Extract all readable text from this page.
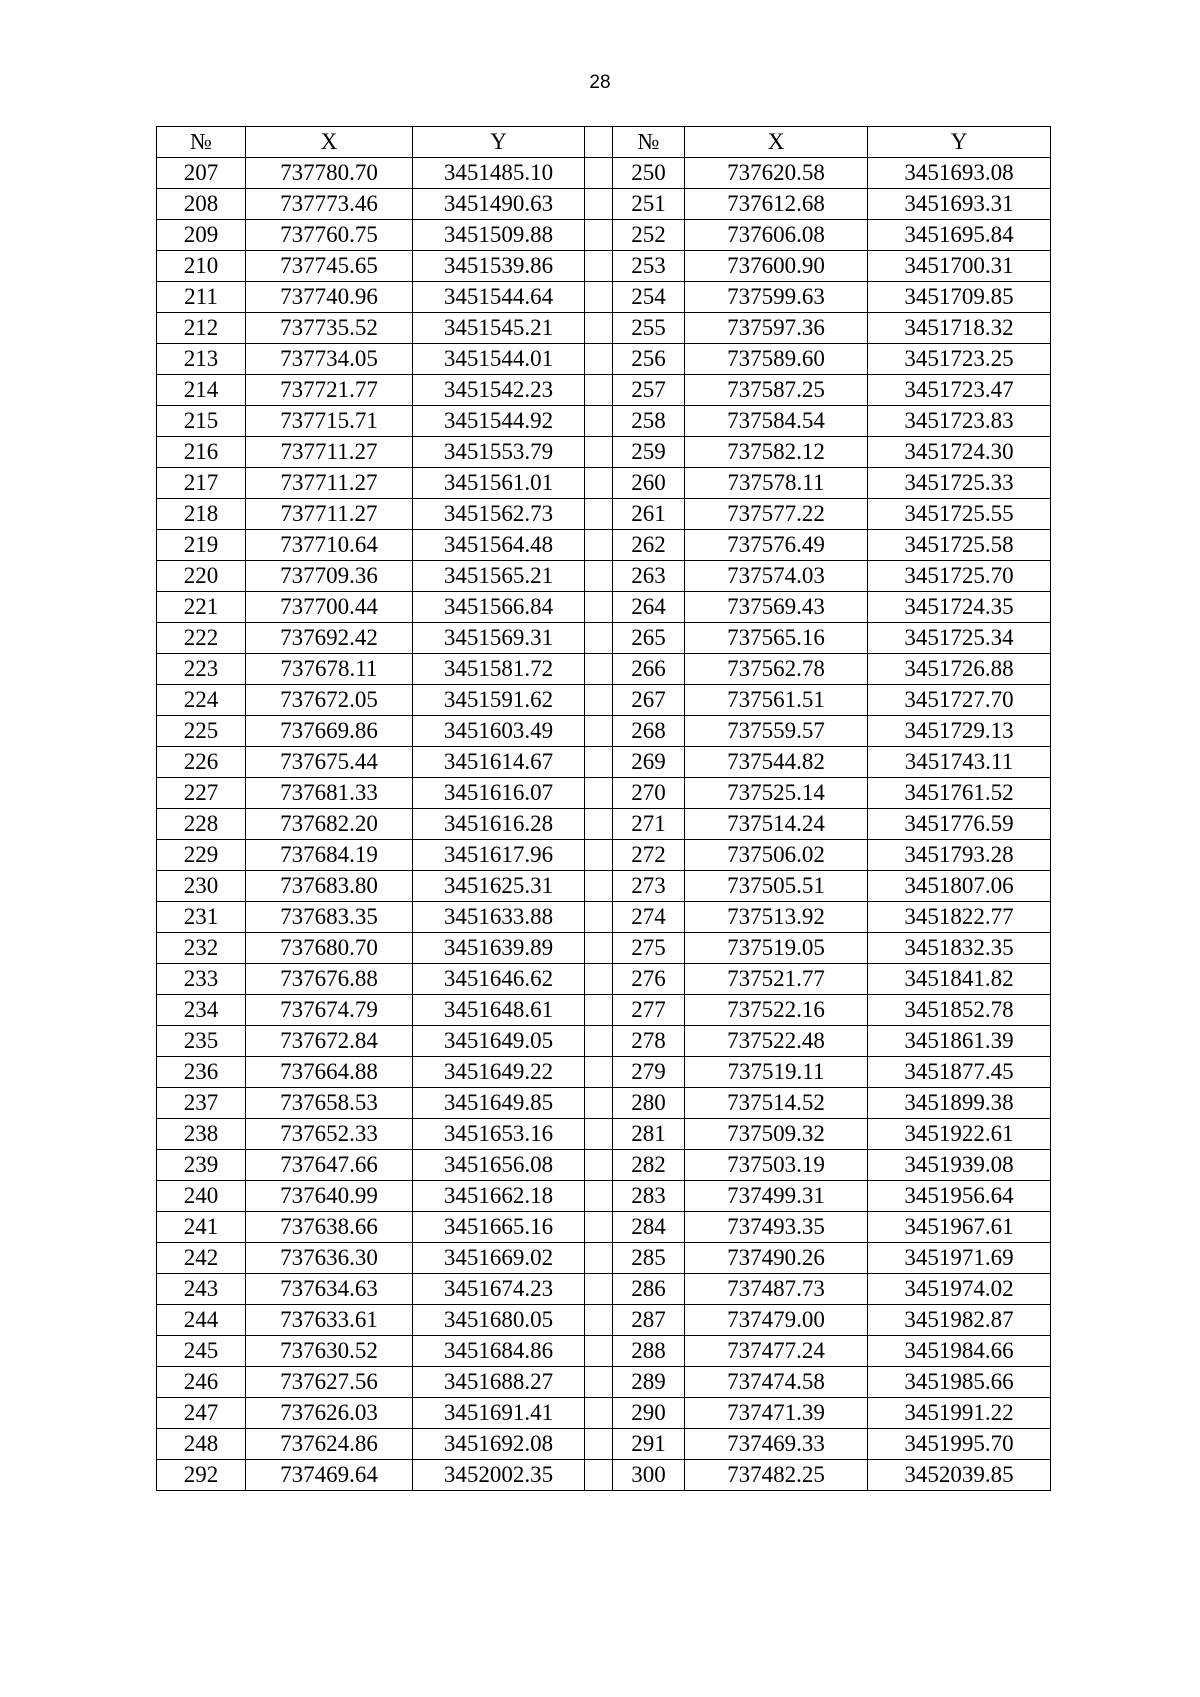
28
№	X	Y		№	X	Y
207	737780.70	3451485.10		250	737620.58	3451693.08
208	737773.46	3451490.63		251	737612.68	3451693.31
209	737760.75	3451509.88		252	737606.08	3451695.84
210	737745.65	3451539.86		253	737600.90	3451700.31
211	737740.96	3451544.64		254	737599.63	3451709.85
212	737735.52	3451545.21		255	737597.36	3451718.32
213	737734.05	3451544.01		256	737589.60	3451723.25
214	737721.77	3451542.23		257	737587.25	3451723.47
215	737715.71	3451544.92		258	737584.54	3451723.83
216	737711.27	3451553.79		259	737582.12	3451724.30
217	737711.27	3451561.01		260	737578.11	3451725.33
218	737711.27	3451562.73		261	737577.22	3451725.55
219	737710.64	3451564.48		262	737576.49	3451725.58
220	737709.36	3451565.21		263	737574.03	3451725.70
221	737700.44	3451566.84		264	737569.43	3451724.35
222	737692.42	3451569.31		265	737565.16	3451725.34
223	737678.11	3451581.72		266	737562.78	3451726.88
224	737672.05	3451591.62		267	737561.51	3451727.70
225	737669.86	3451603.49		268	737559.57	3451729.13
226	737675.44	3451614.67		269	737544.82	3451743.11
227	737681.33	3451616.07		270	737525.14	3451761.52
228	737682.20	3451616.28		271	737514.24	3451776.59
229	737684.19	3451617.96		272	737506.02	3451793.28
230	737683.80	3451625.31		273	737505.51	3451807.06
231	737683.35	3451633.88		274	737513.92	3451822.77
232	737680.70	3451639.89		275	737519.05	3451832.35
233	737676.88	3451646.62		276	737521.77	3451841.82
234	737674.79	3451648.61		277	737522.16	3451852.78
235	737672.84	3451649.05		278	737522.48	3451861.39
236	737664.88	3451649.22		279	737519.11	3451877.45
237	737658.53	3451649.85		280	737514.52	3451899.38
238	737652.33	3451653.16		281	737509.32	3451922.61
239	737647.66	3451656.08		282	737503.19	3451939.08
240	737640.99	3451662.18		283	737499.31	3451956.64
241	737638.66	3451665.16		284	737493.35	3451967.61
242	737636.30	3451669.02		285	737490.26	3451971.69
243	737634.63	3451674.23		286	737487.73	3451974.02
244	737633.61	3451680.05		287	737479.00	3451982.87
245	737630.52	3451684.86		288	737477.24	3451984.66
246	737627.56	3451688.27		289	737474.58	3451985.66
247	737626.03	3451691.41		290	737471.39	3451991.22
248	737624.86	3451692.08		291	737469.33	3451995.70
292	737469.64	3452002.35		300	737482.25	3452039.85
